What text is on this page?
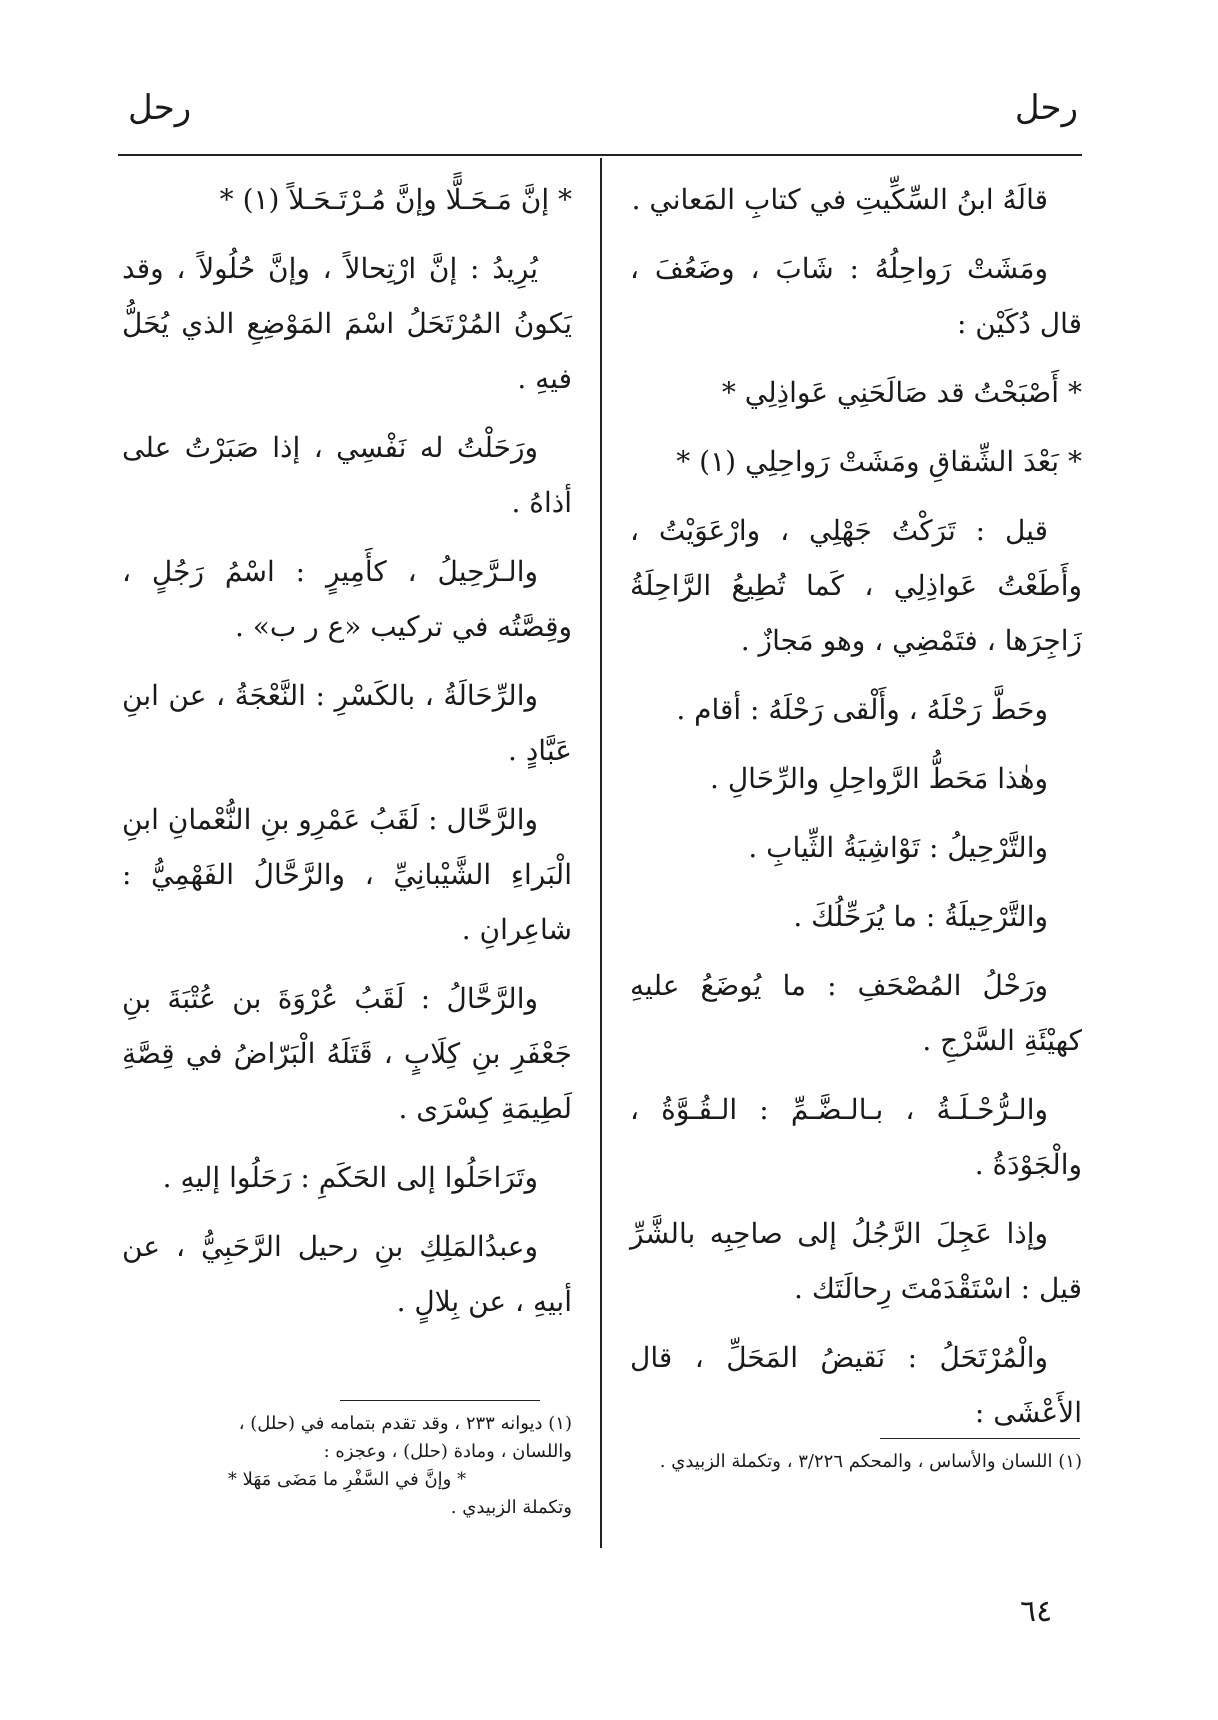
رحل	رحل

قالَهُ ابنُ السِّكِّيتِ في كتابِ المَعاني .

ومَشَتْ رَواحِلُهُ : شَابَ ، وضَعُفَ ، قال دُكَيْن :

* أَصْبَحْتُ قد صَالَحَنِي عَواذِلِي *

* بَعْدَ الشِّقاقِ ومَشَتْ رَواحِلِي (١) *

قيل : تَرَكْتُ جَهْلِي ، وارْعَوَيْتُ ، وأَطَعْتُ عَواذِلِي ، كَما تُطِيعُ الرَّاحِلَةُ زَاجِرَها ، فتَمْضِي ، وهو مَجازٌ .

وحَطَّ رَحْلَهُ ، وأَلْقى رَحْلَهُ : أقام .

وهٰذا مَحَطُّ الرَّواحِلِ والرِّحَالِ .

والتَّرْحِيلُ : تَوْاشِيَةُ الثِّيابِ .

والتَّرْحِيلَةُ : ما يُرَحِّلُكَ .

ورَحْلُ المُصْحَفِ : ما يُوضَعُ عليهِ كهيْئَةِ السَّرْجِ .

والـرُّحْـلَـةُ ، بـالـضَّـمِّ : الـقُـوَّةُ ، والْجَوْدَةُ .

وإذا عَجِلَ الرَّجُلُ إلى صاحِبِه بالشَّرِّ قيل : اسْتَقْدَمْتَ رِحالَتَك .

والْمُرْتَحَلُ : نَقيضُ المَحَلِّ ، قال الأَعْشَى :

* إنَّ مَـحَـلًّا وإنَّ مُـرْتَـحَـلاً (١) *

يُرِيدُ : إنَّ ارْتِحالاً ، وإنَّ حُلُولاً ، وقد يَكونُ المُرْتَحَلُ اسْمَ المَوْضِعِ الذي يُحَلُّ فيهِ .

ورَحَلْتُ له نَفْسِي ، إذا صَبَرْتُ على أذاهُ .

والـرَّحِيلُ ، كأَمِيرٍ : اسْمُ رَجُلٍ ، وقِصَّتُه في تركيب «ع ر ب» .

والرِّحَالَةُ ، بالكَسْرِ : النَّعْجَةُ ، عن ابنِ عَبَّادٍ .

والرَّحَّال : لَقَبُ عَمْرِو بنِ النُّعْمانِ ابنِ الْبَراءِ الشَّيْبانِيِّ ، والرَّحَّالُ الفَهْمِيُّ : شاعِرانِ .

والرَّحَّالُ : لَقَبُ عُرْوَةَ بن عُتْبَةَ بنِ جَعْفَرِ بنِ كِلَابٍ ، قَتَلَهُ الْبَرّاضُ في قِصَّةِ لَطِيمَةِ كِسْرَى .

وتَرَاحَلُوا إلى الحَكَمِ : رَحَلُوا إليهِ .

وعبدُالمَلِكِ بنِ رحيل الرَّحَبِيُّ ، عن أبيهِ ، عن بِلالٍ .

(١) ديوانه ٢٣٣ ، وقد تقدم بتمامه في (حلل) ،

واللسان ، ومادة (حلل) ، وعجزه :

* وإنَّ في السَّفْرِ ما مَضَى مَهَلا *

وتكملة الزبيدي .

(١) اللسان والأساس ، والمحكم ٣/٢٢٦ ، وتكملة الزبيدي .

٦٤
